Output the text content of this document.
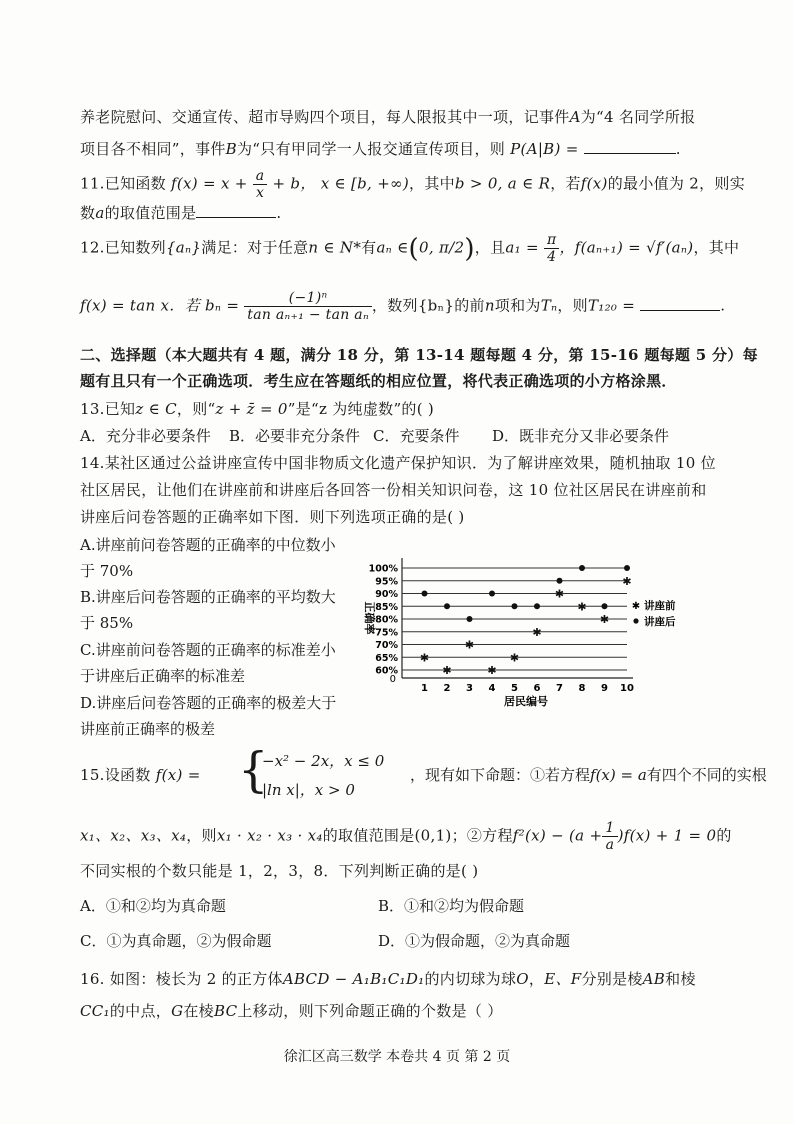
养老院慰问、交通宣传、超市导购四个项目，每人限报其中一项，记事件A为“4 名同学所报
项目各不相同”，事件B为“只有甲同学一人报交通宣传项目，则 P(A|B) =	.
11.已知函数 $f(x) = x + \frac{a}{x} + b$， x ∈ [b, +∞)，其中b > 0, a ∈ R，若f(x)的最小值为 2，则实
数a的取值范围是	.
12.已知数列{aₙ}满足：对于任意n ∈ N*有aₙ ∈(0, π/2)，且$a_1 = \frac{\pi}{4}$ ，f(aₙ₊₁) = √f′(aₙ)，其中
f(x) = tan x．若 $b_n = \frac{\text{(−1)ⁿ}}{\text{tan aₙ₊₁ − tan aₙ}}$ ，数列{bₙ}的前n项和为Tₙ，则T₁₂₀ =	.
二、选择题（本大题共有 4 题，满分 18 分，第 13-14 题每题 4 分，第 15-16 题每题 5 分）每
题有且只有一个正确选项．考生应在答题纸的相应位置，将代表正确选项的小方格涂黑．
13.已知z ∈ C，则“z + z̄ = 0”是“z 为纯虚数”的( )
A．充分非必要条件 B．必要非充分条件 C．充要条件 D．既非充分又非必要条件
14.某社区通过公益讲座宣传中国非物质文化遗产保护知识．为了解讲座效果，随机抽取 10 位
社区居民，让他们在讲座前和讲座后各回答一份相关知识问卷，这 10 位社区居民在讲座前和
讲座后问卷答题的正确率如下图．则下列选项正确的是( )
A.讲座前问卷答题的正确率的中位数小
于 70%
B.讲座后问卷答题的正确率的平均数大
于 85%
C.讲座前问卷答题的正确率的标准差小
于讲座后正确率的标准差
D.讲座后问卷答题的正确率的极差大于
讲座前正确率的极差
0
100%
95%
90%
85%
80%
75%
70%
65%
60%
1 2 3 4 5 6 7 8 9 10
居民编号
正确率
✱
✱
✱
✱
✱
✱
✱
✱
✱
✱
✱ 讲座前
讲座后
15.设函数 f(x) = {
−x² − 2x，x ≤ 0
|ln x|，x > 0
，现有如下命题：①若方程f(x) = a有四个不同的实根
x₁、x₂、x₃、x₄，则x₁ · x₂ · x₃ · x₄的取值范围是(0,1)；②方程$f^2(x) - (a + \frac{1}{a} )f(x) + 1 = 0$的
不同实根的个数只能是 1，2，3，8．下列判断正确的是( )
A．①和②均为真命题	B．①和②均为假命题
C．①为真命题，②为假命题	D．①为假命题，②为真命题
16. 如图：棱长为 2 的正方体ABCD − A₁B₁C₁D₁的内切球为球O，E、F分别是棱AB和棱
CC₁的中点，G在棱BC上移动，则下列命题正确的个数是（ ）
徐汇区高三数学 本卷共 4 页 第 2 页
